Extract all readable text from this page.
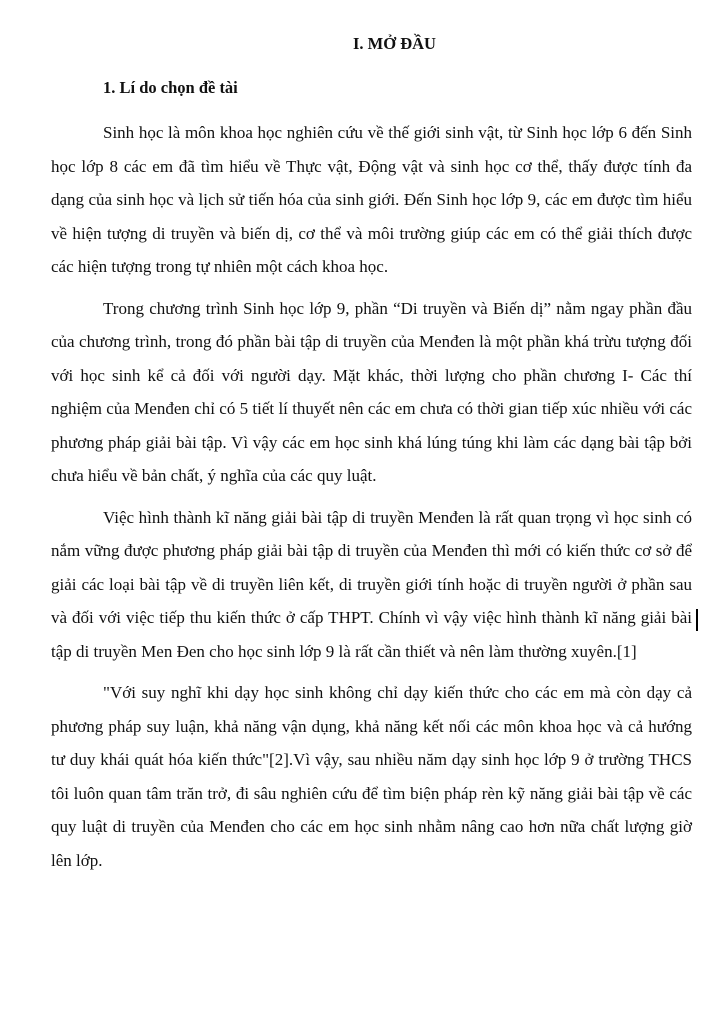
I. MỞ ĐẦU
1. Lí do chọn đề tài

Sinh học là môn khoa học nghiên cứu về thế giới sinh vật, từ Sinh học lớp 6 đến Sinh học lớp 8 các em đã tìm hiểu về Thực vật, Động vật và sinh học cơ thể, thấy được tính đa dạng của sinh học và lịch sử tiến hóa của sinh giới. Đến Sinh học lớp 9, các em được tìm hiểu về hiện tượng di truyền và biến dị, cơ thể và môi trường giúp các em có thể giải thích được các hiện tượng trong tự nhiên một cách khoa học.

Trong chương trình Sinh học lớp 9, phần “Di truyền và Biến dị” nằm ngay phần đầu của chương trình, trong đó phần bài tập di truyền của Menđen là một phần khá trừu tượng đối với học sinh kể cả đối với người dạy. Mặt khác, thời lượng cho phần chương I- Các thí nghiệm của Menđen chỉ có 5 tiết lí thuyết nên các em chưa có thời gian tiếp xúc nhiều với các phương pháp giải bài tập. Vì vậy các em học sinh khá lúng túng khi làm các dạng bài tập bởi chưa hiểu về bản chất, ý nghĩa của các quy luật.

Việc hình thành kĩ năng giải bài tập di truyền Menđen là rất quan trọng vì học sinh có nắm vững được phương pháp giải bài tập di truyền của Menđen thì mới có kiến thức cơ sở để giải các loại bài tập về di truyền liên kết, di truyền giới tính hoặc di truyền người ở phần sau và đối với việc tiếp thu kiến thức ở cấp THPT. Chính vì vậy việc hình thành kĩ năng giải bài tập di truyền Men Đen cho học sinh lớp 9 là rất cần thiết và nên làm thường xuyên.[1]

"Với suy nghĩ khi dạy học sinh không chỉ dạy kiến thức cho các em mà còn dạy cả phương pháp suy luận, khả năng vận dụng, khả năng kết nối các môn khoa học và cả hướng tư duy khái quát hóa kiến thức"[2].Vì vậy, sau nhiều năm dạy sinh học lớp 9 ở trường THCS tôi luôn quan tâm trăn trở, đi sâu nghiên cứu để tìm biện pháp rèn kỹ năng giải bài tập về các quy luật di truyền của Menđen cho các em học sinh nhằm nâng cao hơn nữa chất lượng giờ lên lớp.
